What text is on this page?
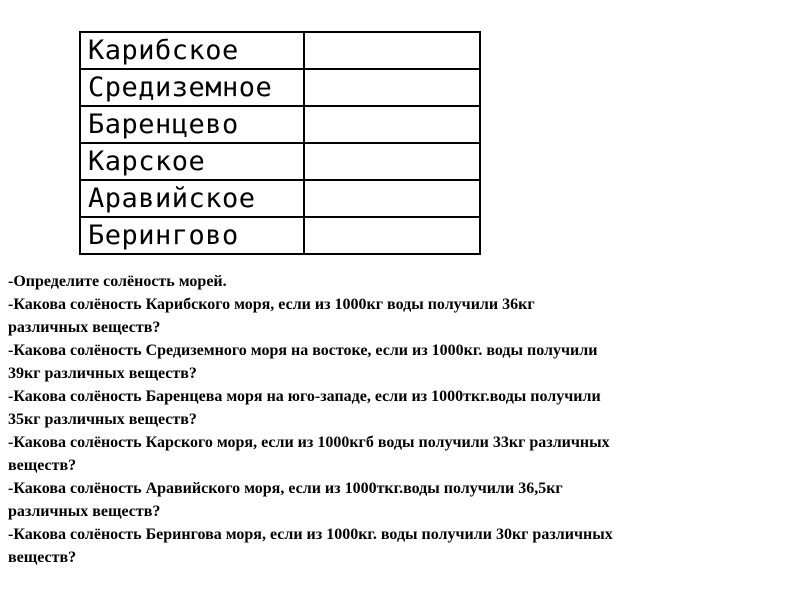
Карибское	
Средиземное	
Баренцево	
Карское	
Аравийское	
Берингово	
-Определите солёность морей.
-Какова солёность Карибского моря, если из 1000кг воды получили 36кг
различных веществ?
-Какова солёность Средиземного моря на востоке, если из 1000кг. воды получили
39кг различных веществ?
-Какова солёность Баренцева моря на юго-западе, если из 1000ткг.воды получили
35кг различных веществ?
-Какова солёность Карского моря, если из 1000кгб воды получили 33кг различных
веществ?
-Какова солёность Аравийского моря, если из 1000ткг.воды получили 36,5кг
различных веществ?
-Какова солёность Берингова моря, если из 1000кг. воды получили 30кг различных
веществ?
